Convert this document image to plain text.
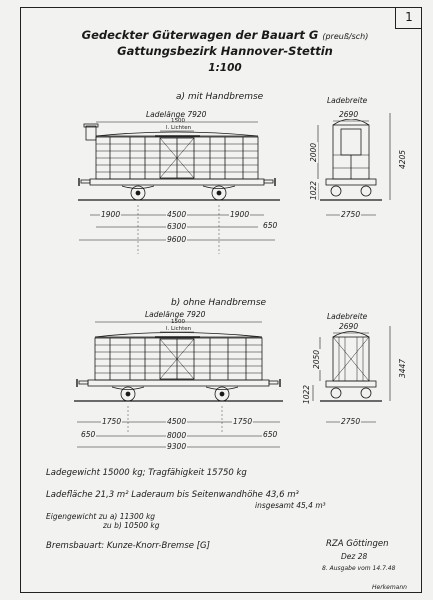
1
Gedeckter Güterwagen der Bauart G (preuß/sch)
Gattungsbezirk Hannover-Stettin
1:100
a) mit Handbremse
Ladelänge 7920
1500
l. Lichten
1900	4500	1900
650
6300
9600
Ladebreite
2690
2000	4205
1022
2750
b) ohne Handbremse
Ladelänge 7920
1500
l. Lichten
650
1750	4500	1750
650
8000
9300
Ladebreite
2690
2050	3447
1022
2750
Ladegewicht 15000 kg; Tragfähigkeit 15750 kg
Ladefläche 21,3 m² Laderaum bis Seitenwandhöhe 43,6 m³
insgesamt 45,4 m³
Eigengewicht zu a) 11300 kg
zu b) 10500 kg
Bremsbauart: Kunze-Knorr-Bremse [G]	RZA Göttingen
Dez 28
8. Ausgabe vom 14.7.48
Herkemann
